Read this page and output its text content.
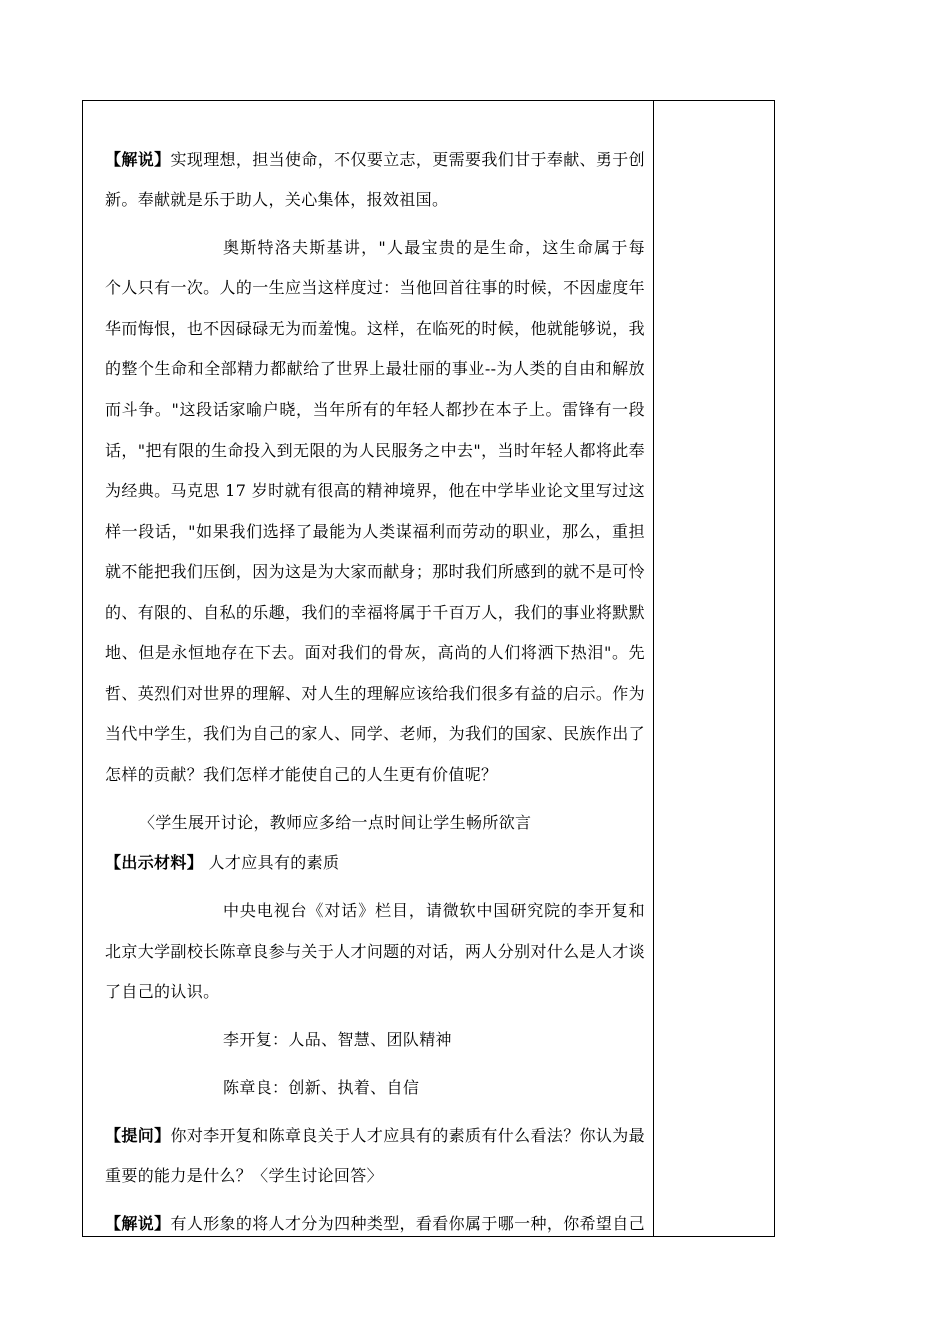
【解说】实现理想，担当使命，不仅要立志，更需要我们甘于奉献、勇于创
新。奉献就是乐于助人，关心集体，报效祖国。
奥斯特洛夫斯基讲，"人最宝贵的是生命，这生命属于每
个人只有一次。人的一生应当这样度过：当他回首往事的时候，不因虚度年
华而悔恨，也不因碌碌无为而羞愧。这样，在临死的时候，他就能够说，我
的整个生命和全部精力都献给了世界上最壮丽的事业--为人类的自由和解放
而斗争。"这段话家喻户晓，当年所有的年轻人都抄在本子上。雷锋有一段
话，"把有限的生命投入到无限的为人民服务之中去"，当时年轻人都将此奉
为经典。马克思 17 岁时就有很高的精神境界，他在中学毕业论文里写过这
样一段话，"如果我们选择了最能为人类谋福利而劳动的职业，那么，重担
就不能把我们压倒，因为这是为大家而献身；那时我们所感到的就不是可怜
的、有限的、自私的乐趣，我们的幸福将属于千百万人，我们的事业将默默
地、但是永恒地存在下去。面对我们的骨灰，高尚的人们将洒下热泪"。先
哲、英烈们对世界的理解、对人生的理解应该给我们很多有益的启示。作为
当代中学生，我们为自己的家人、同学、老师，为我们的国家、民族作出了
怎样的贡献？我们怎样才能使自己的人生更有价值呢？
〈学生展开讨论，教师应多给一点时间让学生畅所欲言
【出示材料】 人才应具有的素质
中央电视台《对话》栏目，请微软中国研究院的李开复和
北京大学副校长陈章良参与关于人才问题的对话，两人分别对什么是人才谈
了自己的认识。
李开复：人品、智慧、团队精神
陈章良：创新、执着、自信
【提问】你对李开复和陈章良关于人才应具有的素质有什么看法？你认为最
重要的能力是什么？〈学生讨论回答〉
【解说】有人形象的将人才分为四种类型，看看你属于哪一种，你希望自己
